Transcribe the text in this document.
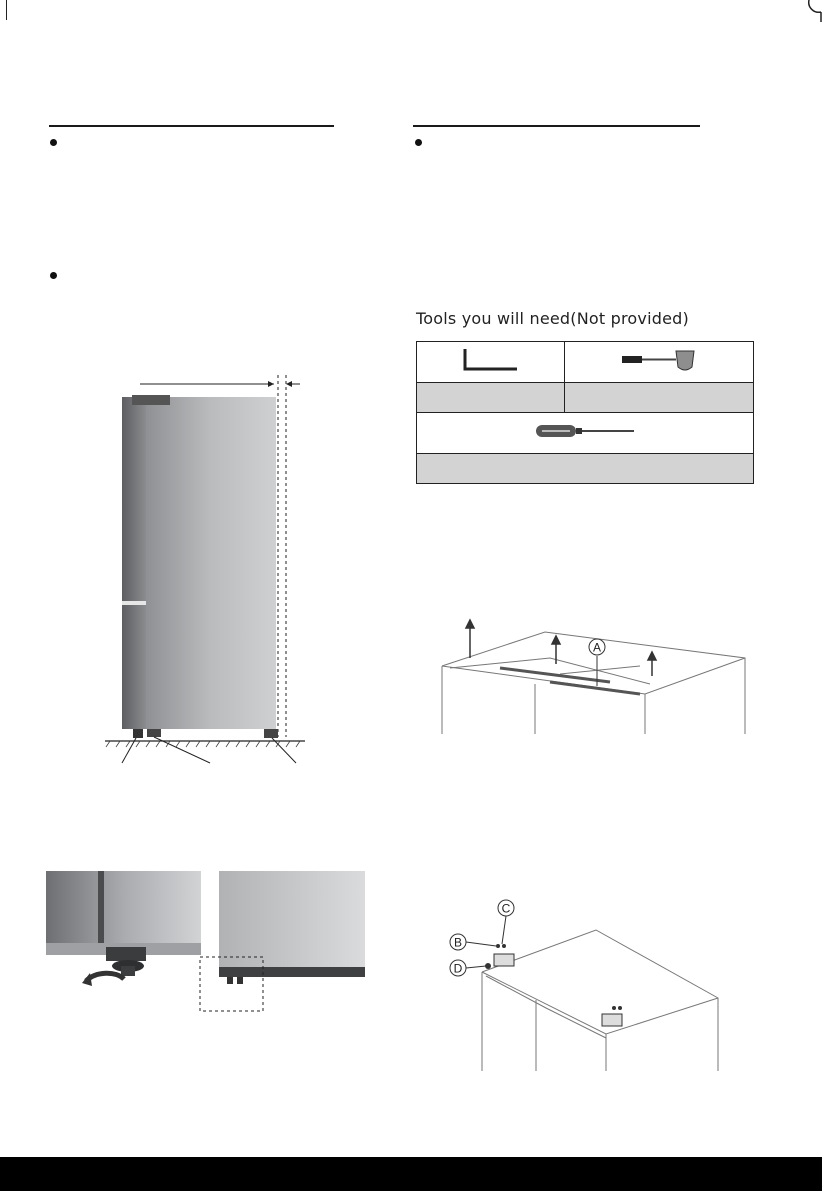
Tools you will need(Not provided)

A
C
B
D
